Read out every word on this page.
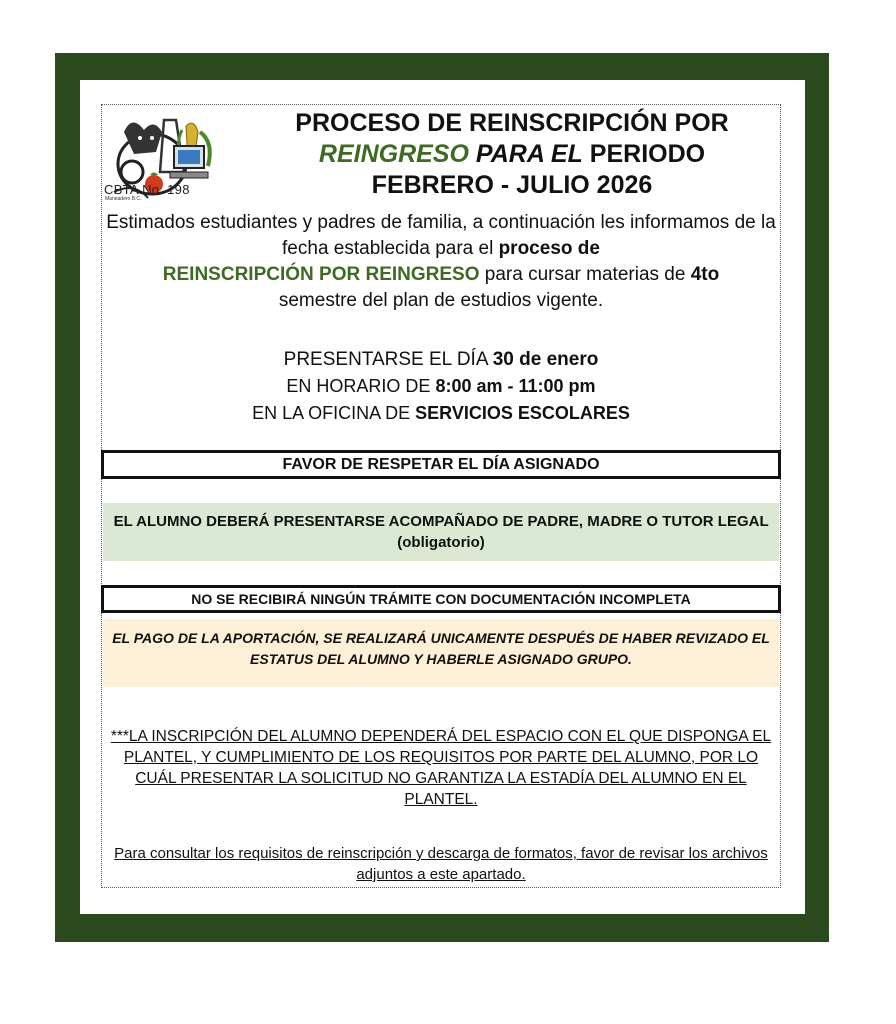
CBTA No. 198
Maneadero B.C.
PROCESO DE REINSCRIPCIÓN POR
REINGRESO PARA EL PERIODO
FEBRERO - JULIO 2026
Estimados estudiantes y padres de familia, a continuación les informamos de la fecha establecida para el proceso de
REINSCRIPCIÓN POR REINGRESO para cursar materias de 4to
semestre del plan de estudios vigente.
PRESENTARSE EL DÍA 30 de enero
EN HORARIO DE 8:00 am - 11:00 pm
EN LA OFICINA DE SERVICIOS ESCOLARES
FAVOR DE RESPETAR EL DÍA ASIGNADO
EL ALUMNO DEBERÁ PRESENTARSE ACOMPAÑADO DE PADRE, MADRE O TUTOR LEGAL (obligatorio)
NO SE RECIBIRÁ NINGÚN TRÁMITE CON DOCUMENTACIÓN INCOMPLETA
EL PAGO DE LA APORTACIÓN, SE REALIZARÁ UNICAMENTE DESPUÉS DE HABER REVIZADO EL ESTATUS DEL ALUMNO Y HABERLE ASIGNADO GRUPO.
***LA INSCRIPCIÓN DEL ALUMNO DEPENDERÁ DEL ESPACIO CON EL QUE DISPONGA EL PLANTEL, Y CUMPLIMIENTO DE LOS REQUISITOS POR PARTE DEL ALUMNO, POR LO CUÁL PRESENTAR LA SOLICITUD NO GARANTIZA LA ESTADÍA DEL ALUMNO EN EL PLANTEL.
Para consultar los requisitos de reinscripción y descarga de formatos, favor de revisar los archivos adjuntos a este apartado.
